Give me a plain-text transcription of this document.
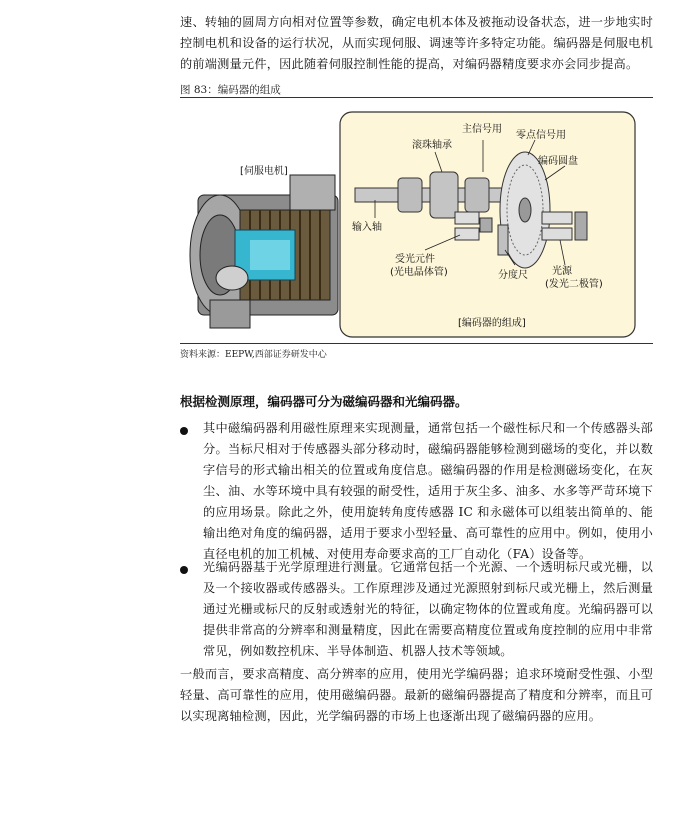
速、转轴的圆周方向相对位置等参数，确定电机本体及被拖动设备状态，进一步地实时控制电机和设备的运行状况，从而实现伺服、调速等许多特定功能。编码器是伺服电机的前端测量元件，因此随着伺服控制性能的提高，对编码器精度要求亦会同步提高。

图 83：编码器的组成
[伺服电机]
主信号用
零点信号用
滚珠轴承
编码圆盘
输入轴
受光元件
(光电晶体管)	分度尺 光源
(发光二极管)
[编码器的组成]
资料来源：EEPW,西部证券研发中心
根据检测原理，编码器可分为磁编码器和光编码器。

其中磁编码器利用磁性原理来实现测量，通常包括一个磁性标尺和一个传感器头部分。当标尺相对于传感器头部分移动时，磁编码器能够检测到磁场的变化，并以数字信号的形式输出相关的位置或角度信息。磁编码器的作用是检测磁场变化，在灰尘、油、水等环境中具有较强的耐受性，适用于灰尘多、油多、水多等严苛环境下的应用场景。除此之外，使用旋转角度传感器 IC 和永磁体可以组装出简单的、能输出绝对角度的编码器，适用于要求小型轻量、高可靠性的应用中。例如，使用小直径电机的加工机械、对使用寿命要求高的工厂自动化（FA）设备等。

光编码器基于光学原理进行测量。它通常包括一个光源、一个透明标尺或光栅，以及一个接收器或传感器头。工作原理涉及通过光源照射到标尺或光栅上，然后测量通过光栅或标尺的反射或透射光的特征，以确定物体的位置或角度。光编码器可以提供非常高的分辨率和测量精度，因此在需要高精度位置或角度控制的应用中非常常见，例如数控机床、半导体制造、机器人技术等领域。

一般而言，要求高精度、高分辨率的应用，使用光学编码器；追求环境耐受性强、小型轻量、高可靠性的应用，使用磁编码器。最新的磁编码器提高了精度和分辨率，而且可以实现离轴检测，因此，光学编码器的市场上也逐渐出现了磁编码器的应用。
